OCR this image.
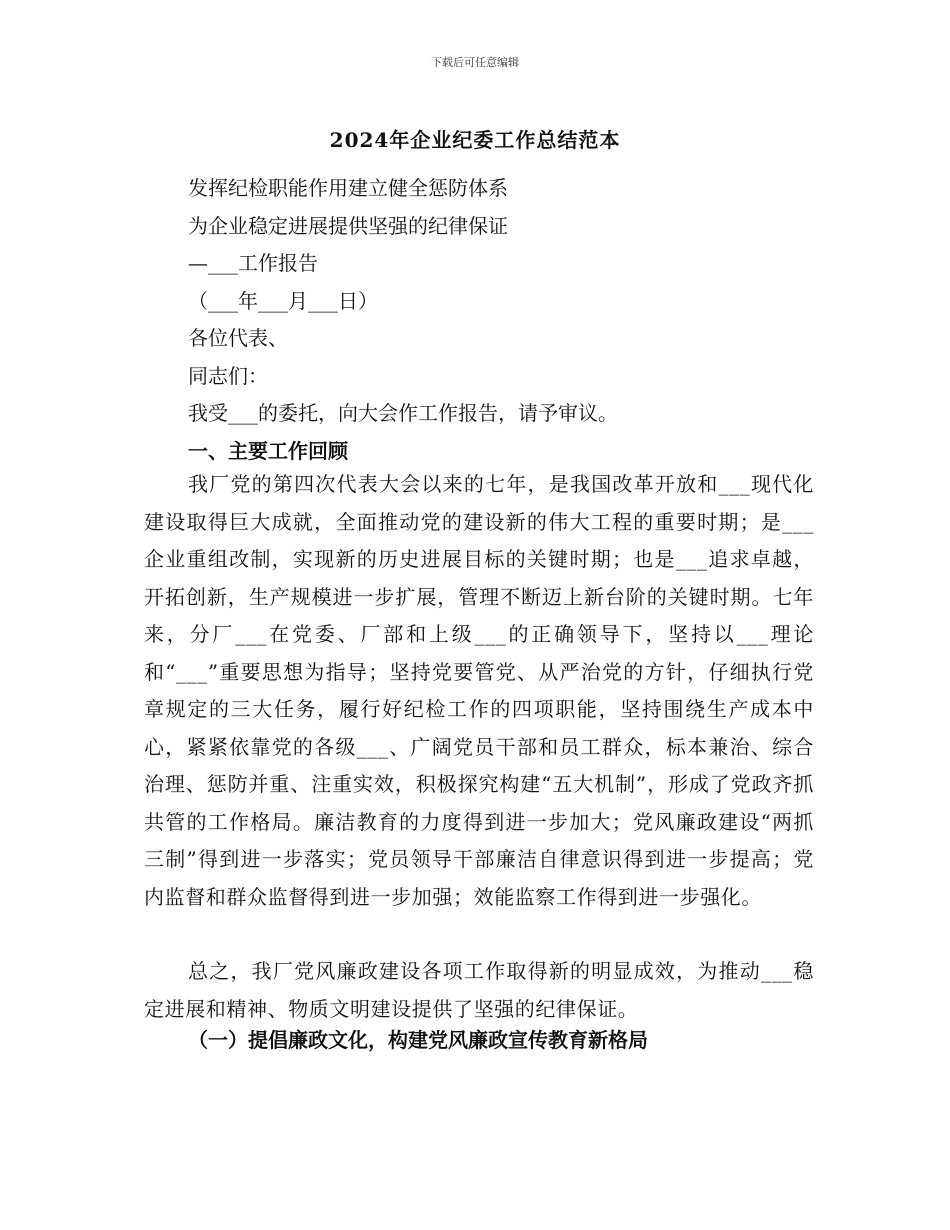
下载后可任意编辑
2024年企业纪委工作总结范本

发挥纪检职能作用建立健全惩防体系

为企业稳定进展提供坚强的纪律保证

—___工作报告

（___年___月___日）

各位代表、

同志们：

我受___的委托，向大会作工作报告，请予审议。

一、主要工作回顾

我厂党的第四次代表大会以来的七年，是我国改革开放和___现代化建设取得巨大成就，全面推动党的建设新的伟大工程的重要时期；是___企业重组改制，实现新的历史进展目标的关键时期；也是___追求卓越，开拓创新，生产规模进一步扩展，管理不断迈上新台阶的关键时期。七年来，分厂___在党委、厂部和上级___的正确领导下，坚持以___理论和“___”重要思想为指导；坚持党要管党、从严治党的方针，仔细执行党章规定的三大任务，履行好纪检工作的四项职能，坚持围绕生产成本中心，紧紧依靠党的各级___、广阔党员干部和员工群众，标本兼治、综合治理、惩防并重、注重实效，积极探究构建“五大机制”，形成了党政齐抓共管的工作格局。廉洁教育的力度得到进一步加大；党风廉政建设“两抓三制”得到进一步落实；党员领导干部廉洁自律意识得到进一步提高；党内监督和群众监督得到进一步加强；效能监察工作得到进一步强化。
总之，我厂党风廉政建设各项工作取得新的明显成效，为推动___稳定进展和精神、物质文明建设提供了坚强的纪律保证。
（一）提倡廉政文化，构建党风廉政宣传教育新格局
